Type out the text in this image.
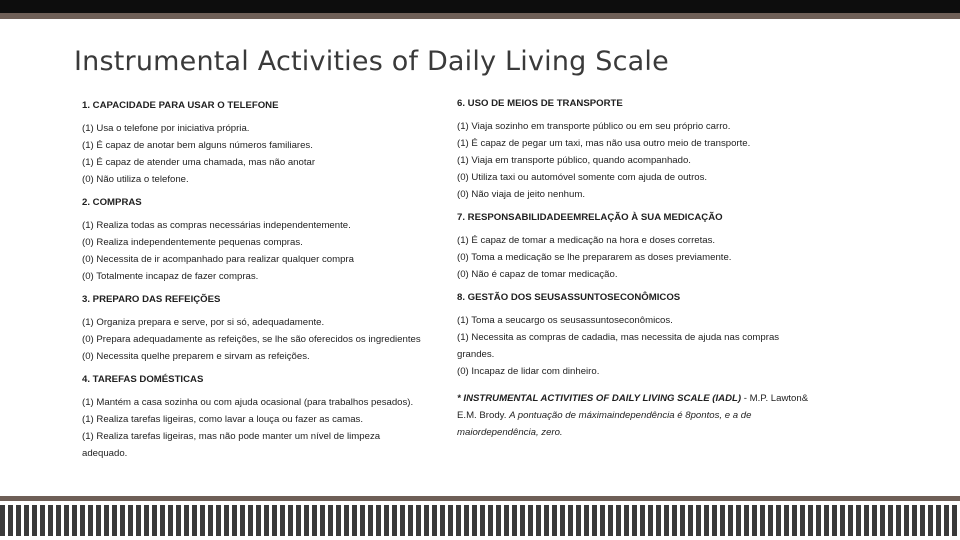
Instrumental Activities of Daily Living Scale
1. CAPACIDADE PARA USAR O TELEFONE
(1) Usa o telefone por iniciativa própria.
(1) É capaz de anotar bem alguns números familiares.
(1) É capaz de atender uma chamada, mas não anotar
(0) Não utiliza o telefone.
2. COMPRAS
(1) Realiza todas as compras necessárias independentemente.
(0) Realiza independentemente pequenas compras.
(0) Necessita de ir acompanhado para realizar qualquer compra
(0) Totalmente incapaz de fazer compras.
3. PREPARO DAS REFEIÇÕES
(1) Organiza prepara e serve, por si só, adequadamente.
(0) Prepara adequadamente as refeições, se lhe são oferecidos os ingredientes
(0) Necessita quelhe preparem e sirvam as refeições.
4. TAREFAS DOMÉSTICAS
(1) Mantém a casa sozinha ou com ajuda ocasional (para trabalhos pesados).
(1) Realiza tarefas ligeiras, como lavar a louça ou fazer as camas.
(1) Realiza tarefas ligeiras, mas não pode manter um nível de limpeza adequado.
6. USO DE MEIOS DE TRANSPORTE
(1) Viaja sozinho em transporte público ou em seu próprio carro.
(1) É capaz de pegar um taxi, mas não usa outro meio de transporte.
(1) Viaja em transporte público, quando acompanhado.
(0) Utiliza taxi ou automóvel somente com ajuda de outros.
(0) Não viaja de jeito nenhum.
7. RESPONSABILIDADEEMRELAÇÃO À SUA MEDICAÇÃO
(1) É capaz de tomar a medicação na hora e doses corretas.
(0) Toma a medicação se lhe prepararem as doses previamente.
(0) Não é capaz de tomar medicação.
8. GESTÃO DOS SEUSASSUNTOSECONÔMICOS
(1) Toma a seucargo os seusassuntoseconômicos.
(1) Necessita as compras de cadadia, mas necessita de ajuda nas compras grandes.
(0) Incapaz de lidar com dinheiro.
* INSTRUMENTAL ACTIVITIES OF DAILY LIVING SCALE (IADL) - M.P. Lawton& E.M. Brody. A pontuação de máximaindependência é 8pontos, e a de maiordependência, zero.
